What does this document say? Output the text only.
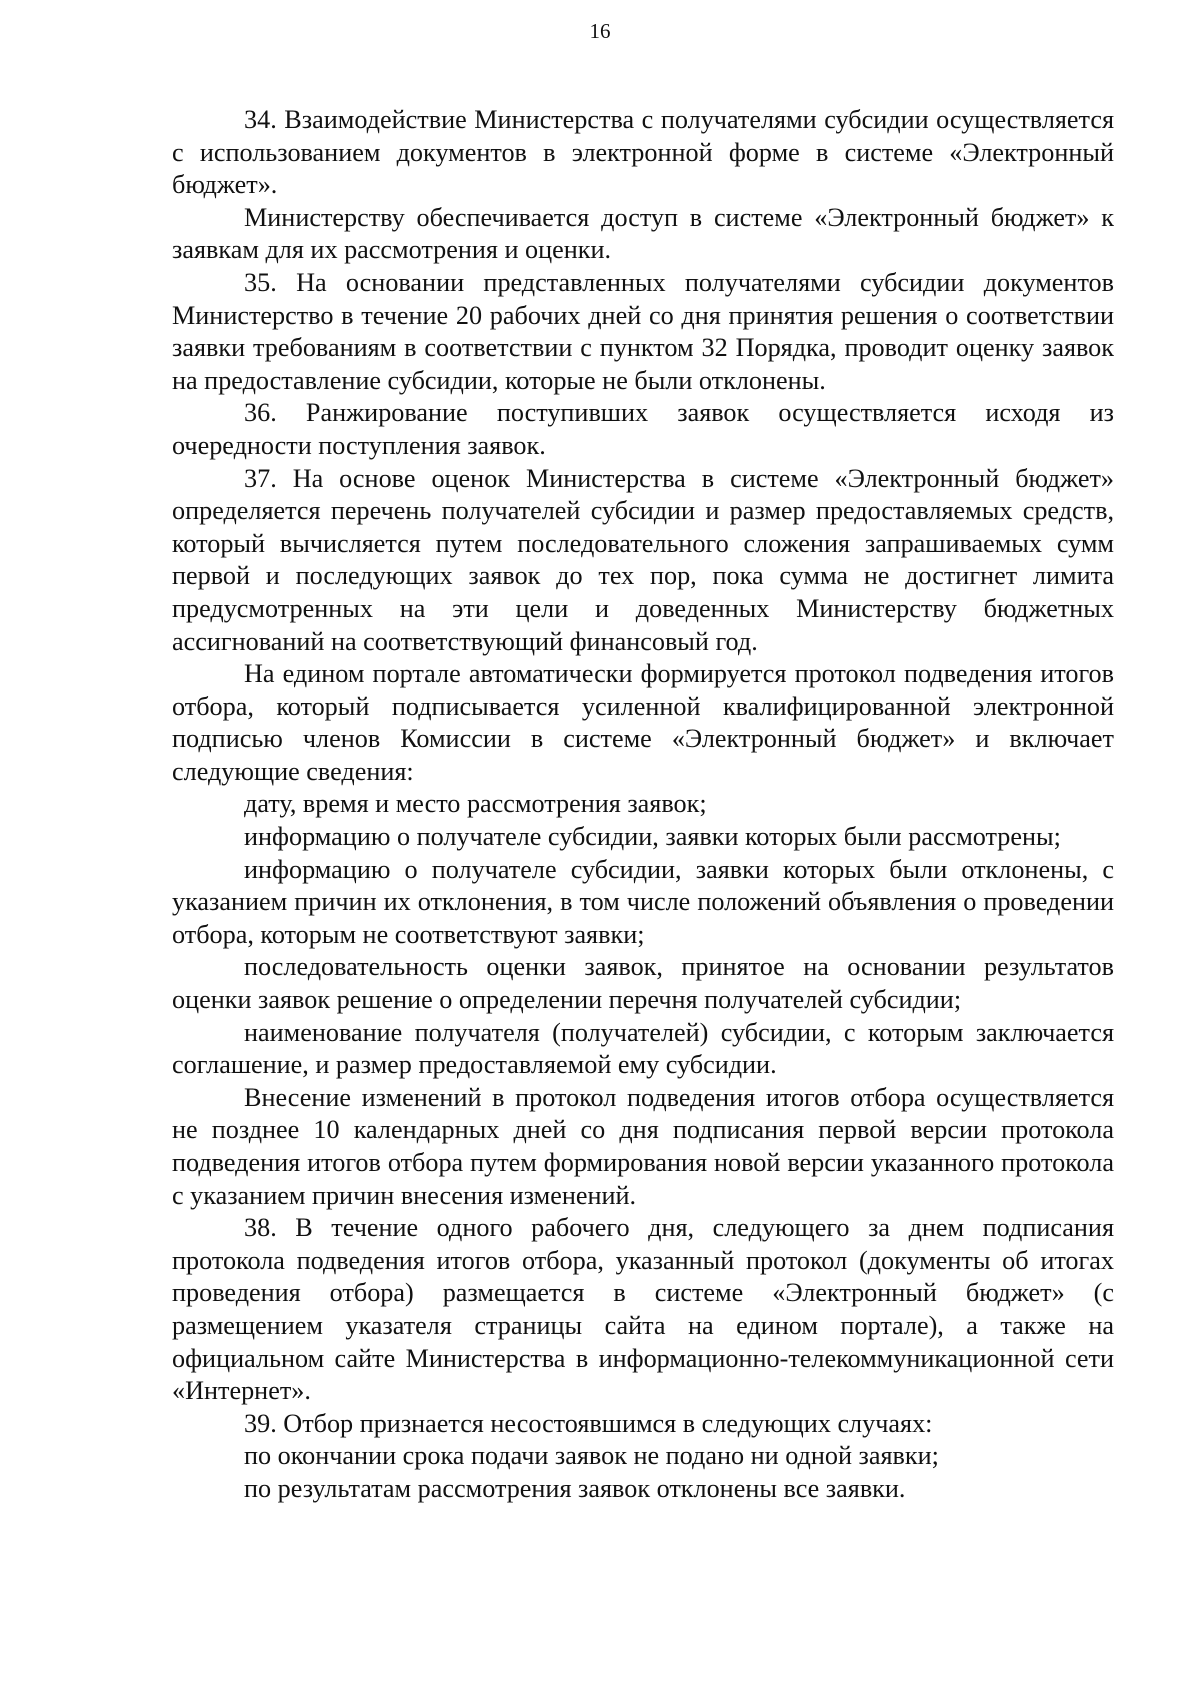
16

34. Взаимодействие Министерства с получателями субсидии осуществляется с использованием документов в электронной форме в системе «Электронный бюджет».

Министерству обеспечивается доступ в системе «Электронный бюджет» к заявкам для их рассмотрения и оценки.

35. На основании представленных получателями субсидии документов Министерство в течение 20 рабочих дней со дня принятия решения о соответствии заявки требованиям в соответствии с пунктом 32 Порядка, проводит оценку заявок на предоставление субсидии, которые не были отклонены.

36. Ранжирование поступивших заявок осуществляется исходя из очередности поступления заявок.

37. На основе оценок Министерства в системе «Электронный бюджет» определяется перечень получателей субсидии и размер предоставляемых средств, который вычисляется путем последовательного сложения запрашиваемых сумм первой и последующих заявок до тех пор, пока сумма не достигнет лимита предусмотренных на эти цели и доведенных Министерству бюджетных ассигнований на соответствующий финансовый год.

На едином портале автоматически формируется протокол подведения итогов отбора, который подписывается усиленной квалифицированной электронной подписью членов Комиссии в системе «Электронный бюджет» и включает следующие сведения:

дату, время и место рассмотрения заявок;

информацию о получателе субсидии, заявки которых были рассмотрены;

информацию о получателе субсидии, заявки которых были отклонены, с указанием причин их отклонения, в том числе положений объявления о проведении отбора, которым не соответствуют заявки;

последовательность оценки заявок, принятое на основании результатов оценки заявок решение о определении перечня получателей субсидии;

наименование получателя (получателей) субсидии, с которым заключается соглашение, и размер предоставляемой ему субсидии.

Внесение изменений в протокол подведения итогов отбора осуществляется не позднее 10 календарных дней со дня подписания первой версии протокола подведения итогов отбора путем формирования новой версии указанного протокола с указанием причин внесения изменений.

38. В течение одного рабочего дня, следующего за днем подписания протокола подведения итогов отбора, указанный протокол (документы об итогах проведения отбора) размещается в системе «Электронный бюджет» (с размещением указателя страницы сайта на едином портале), а также на официальном сайте Министерства в информационно-телекоммуникационной сети «Интернет».

39. Отбор признается несостоявшимся в следующих случаях:

по окончании срока подачи заявок не подано ни одной заявки;

по результатам рассмотрения заявок отклонены все заявки.
